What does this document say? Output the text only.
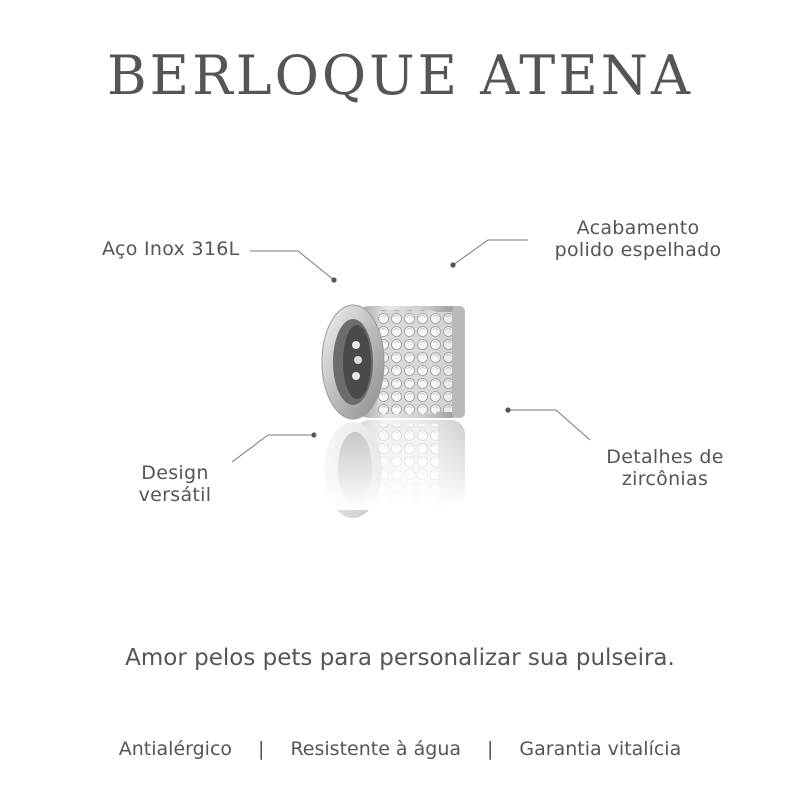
BERLOQUE ATENA
Aço Inox 316L
Acabamento
polido espelhado
Design
versátil
Detalhes de
zircônias

Amor pelos pets para personalizar sua pulseira.

Antialérgico | Resistente à água | Garantia vitalícia
